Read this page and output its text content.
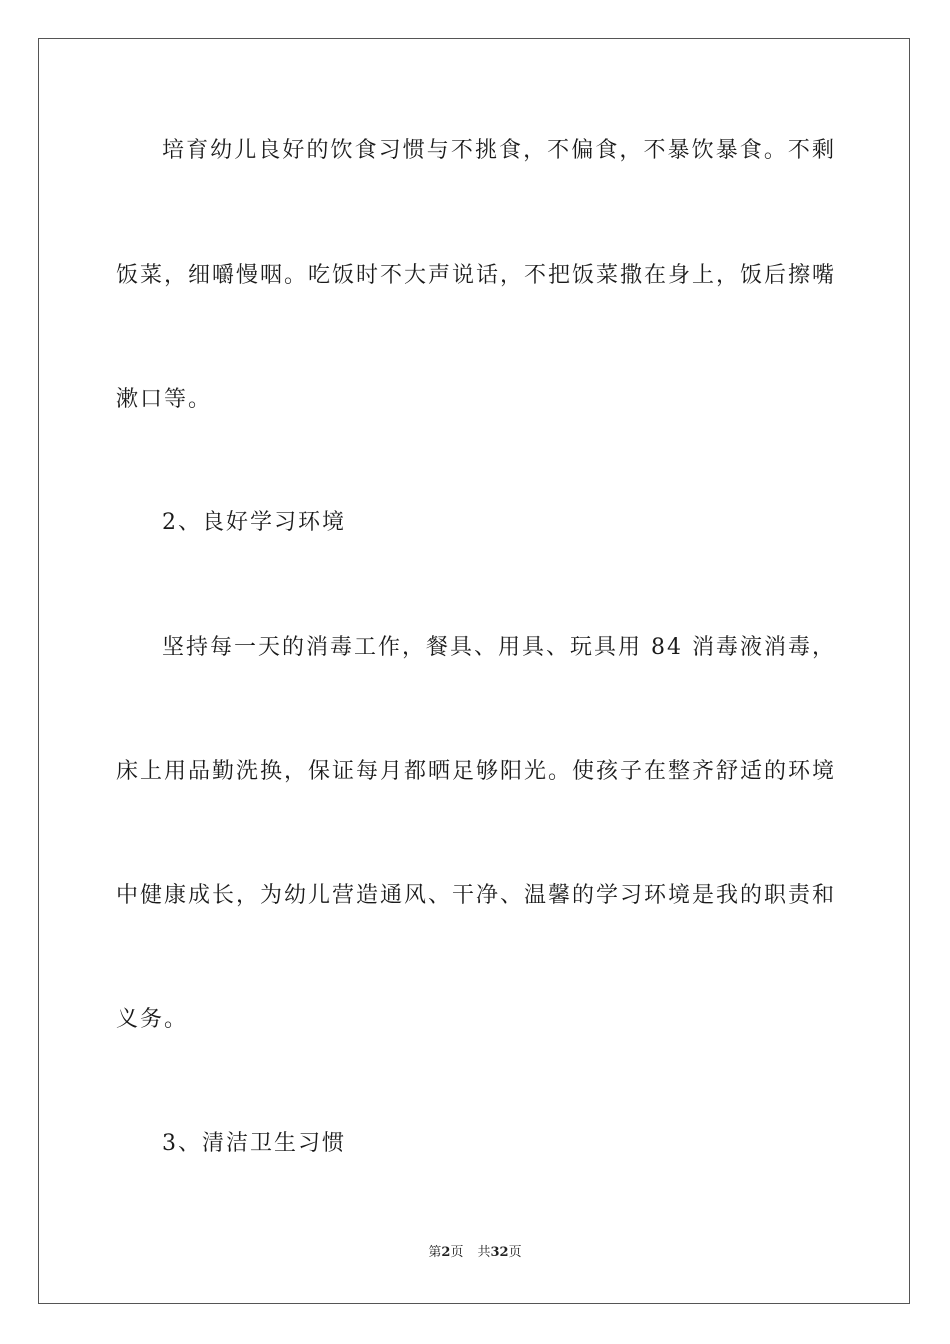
培育幼儿良好的饮食习惯与不挑食，不偏食，不暴饮暴食。不剩
饭菜，细嚼慢咽。吃饭时不大声说话，不把饭菜撒在身上，饭后擦嘴
漱口等。
2、良好学习环境
坚持每一天的消毒工作，餐具、用具、玩具用 84 消毒液消毒，
床上用品勤洗换，保证每月都晒足够阳光。使孩子在整齐舒适的环境
中健康成长，为幼儿营造通风、干净、温馨的学习环境是我的职责和
义务。
3、清洁卫生习惯
第2页 共32页
